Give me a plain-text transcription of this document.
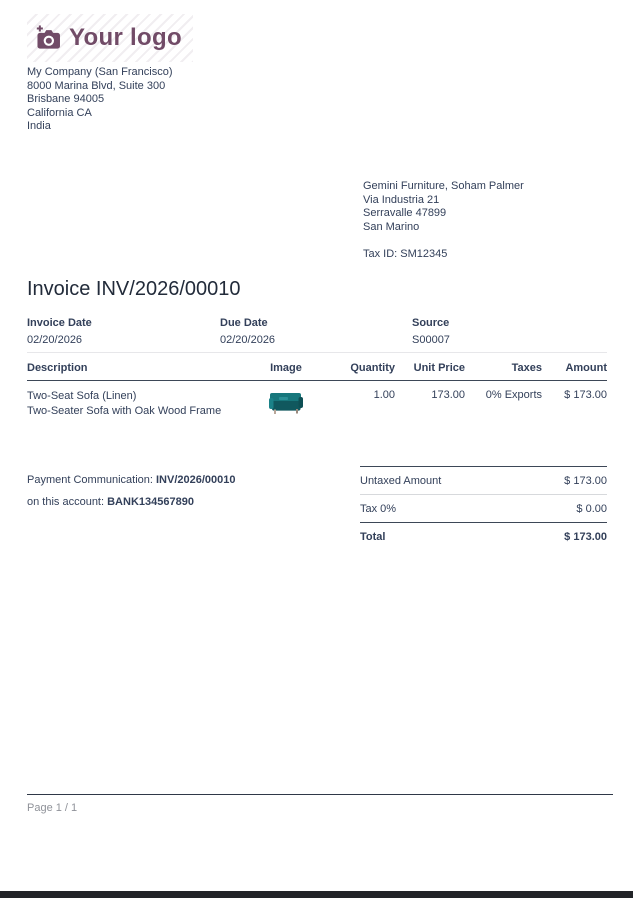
Your logo
My Company (San Francisco)
8000 Marina Blvd, Suite 300
Brisbane 94005
California CA
India
Gemini Furniture, Soham Palmer
Via Industria 21
Serravalle 47899
San Marino
Tax ID: SM12345
Invoice INV/2026/00010
Invoice Date
02/20/2026
Due Date
02/20/2026
Source
S00007
Description	Image	Quantity	Unit Price	Taxes	Amount

Two-Seat Sofa (Linen)
Two-Seater Sofa with Oak Wood Frame		1.00	173.00	0% Exports	$ 173.00
Payment Communication: INV/2026/00010
on this account: BANK134567890
Untaxed Amount	$ 173.00
Tax 0%	$ 0.00
Total	$ 173.00
Page 1 / 1
